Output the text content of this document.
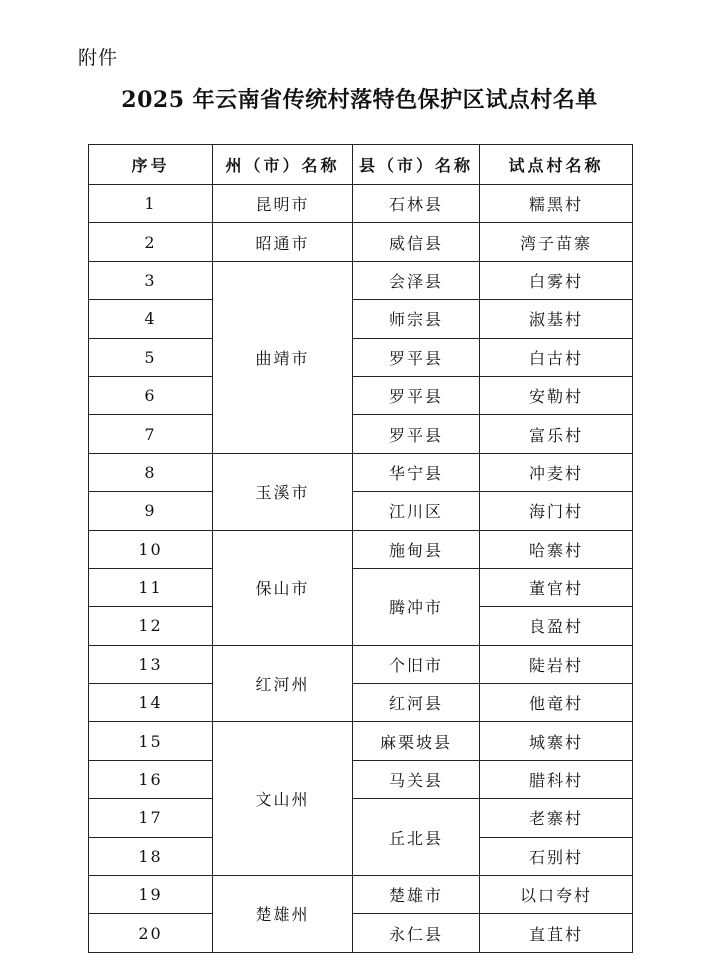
附件
2025 年云南省传统村落特色保护区试点村名单
序号	州（市）名称	县（市）名称	试点村名称
1	昆明市	石林县	糯黑村
2	昭通市	威信县	湾子苗寨
3	曲靖市	会泽县	白雾村
4		师宗县	淑基村
5		罗平县	白古村
6		罗平县	安勒村
7		罗平县	富乐村
8	玉溪市	华宁县	冲麦村
9		江川区	海门村
10	保山市	施甸县	哈寨村
11		腾冲市	董官村
12			良盈村
13	红河州	个旧市	陡岩村
14		红河县	他竜村
15	文山州	麻栗坡县	城寨村
16		马关县	腊科村
17		丘北县	老寨村
18			石别村
19	楚雄州	楚雄市	以口夸村
20		永仁县	直苴村
